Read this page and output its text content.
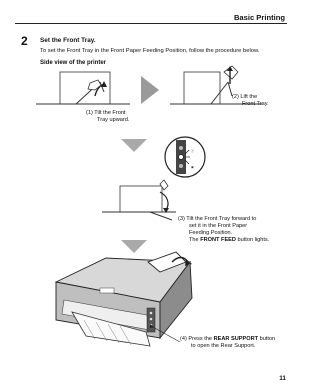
Basic Printing
2 Set the Front Tray.
To set the Front Tray in the Front Paper Feeding Position, follow the procedure below.
Side view of the printer
ⓢ
▣
(1) Tilt the Front
Tray upward.
(2) Lift the
Front Tray.
(3) Tilt the Front Tray forward to
set it in the Front Paper
Feeding Position.
The FRONT FEED button lights.
(4) Press the REAR SUPPORT button
to open the Rear Support.
11
